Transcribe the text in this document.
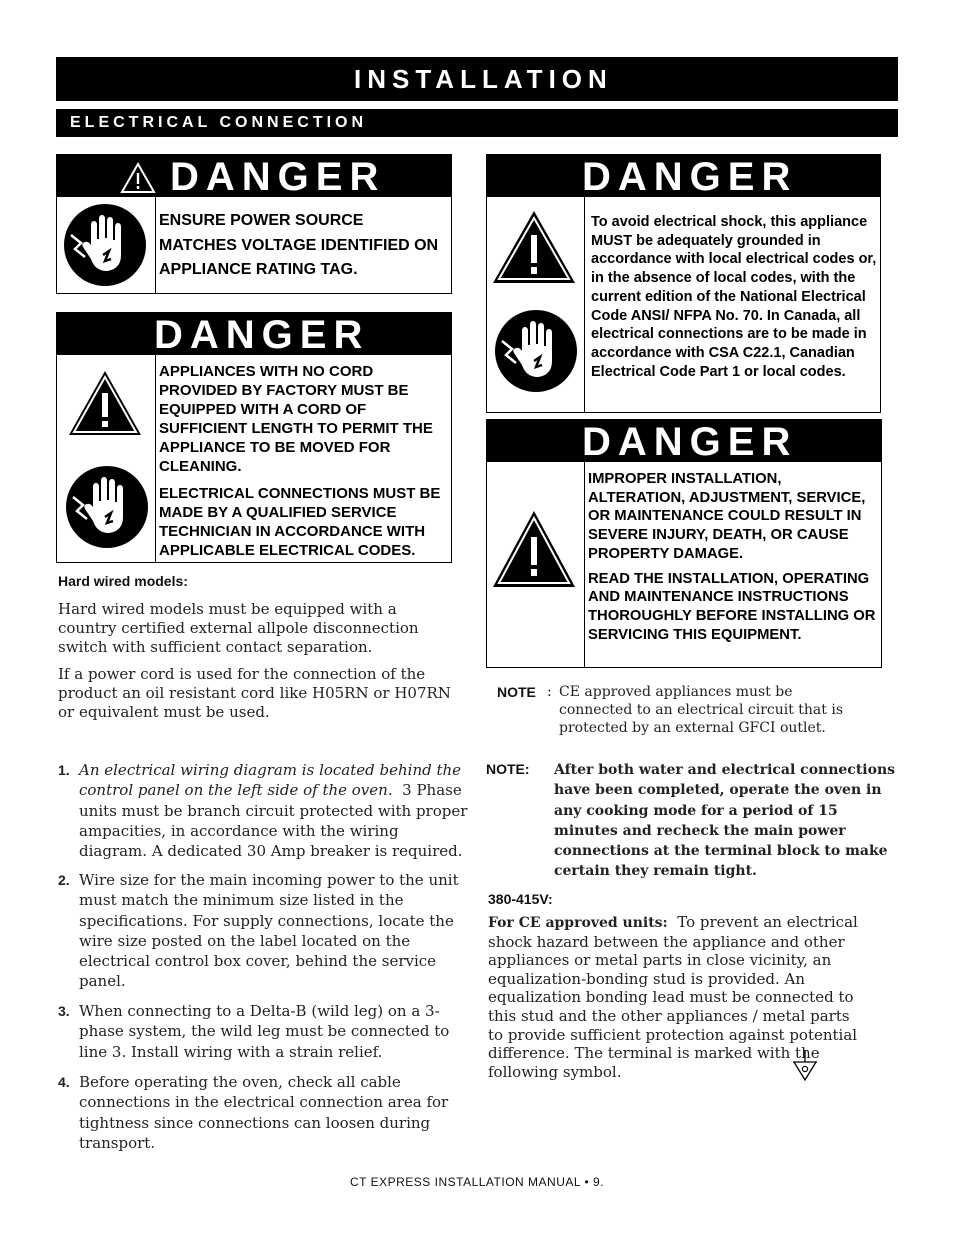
INSTALLATION
ELECTRICAL CONNECTION
DANGER

ENSURE POWER SOURCE MATCHES VOLTAGE IDENTIFIED ON APPLIANCE RATING TAG.

DANGER

APPLIANCES WITH NO CORD PROVIDED BY FACTORY MUST BE EQUIPPED WITH A CORD OF SUFFICIENT LENGTH TO PERMIT THE APPLIANCE TO BE MOVED FOR CLEANING.

ELECTRICAL CONNECTIONS MUST BE MADE BY A QUALIFIED SERVICE TECHNICIAN IN ACCORDANCE WITH APPLICABLE ELECTRICAL CODES.

DANGER

To avoid electrical shock, this appliance MUST be adequately grounded in accordance with local electrical codes or, in the absence of local codes, with the current edition of the National Electrical Code ANSI/ NFPA No. 70. In Canada, all electrical connections are to be made in accordance with CSA C22.1, Canadian Electrical Code Part 1 or local codes.

DANGER

IMPROPER INSTALLATION, ALTERATION, ADJUSTMENT, SERVICE, OR MAINTENANCE COULD RESULT IN SEVERE INJURY, DEATH, OR CAUSE PROPERTY DAMAGE.

READ THE INSTALLATION, OPERATING AND MAINTENANCE INSTRUCTIONS THOROUGHLY BEFORE INSTALLING OR SERVICING THIS EQUIPMENT.

Hard wired models:
Hard wired models must be equipped with a country certified external allpole disconnection switch with sufficient contact separation.
If a power cord is used for the connection of the product an oil resistant cord like H05RN or H07RN or equivalent must be used.
NOTE : CE approved appliances must be connected to an electrical circuit that is protected by an external GFCI outlet.
1. An electrical wiring diagram is located behind the control panel on the left side of the oven. 3 Phase units must be branch circuit protected with proper ampacities, in accordance with the wiring diagram. A dedicated 30 Amp breaker is required.
2. Wire size for the main incoming power to the unit must match the minimum size listed in the specifications. For supply connections, locate the wire size posted on the label located on the electrical control box cover, behind the service panel.
3. When connecting to a Delta-B (wild leg) on a 3-phase system, the wild leg must be connected to line 3. Install wiring with a strain relief.
4. Before operating the oven, check all cable connections in the electrical connection area for tightness since connections can loosen during transport.
NOTE: After both water and electrical connections have been completed, operate the oven in any cooking mode for a period of 15 minutes and recheck the main power connections at the terminal block to make certain they remain tight.
380-415V:
For CE approved units: To prevent an electrical shock hazard between the appliance and other appliances or metal parts in close vicinity, an equalization-bonding stud is provided. An equalization bonding lead must be connected to this stud and the other appliances / metal parts to provide sufficient protection against potential difference. The terminal is marked with the following symbol.
CT EXPRESS INSTALLATION MANUAL • 9.
